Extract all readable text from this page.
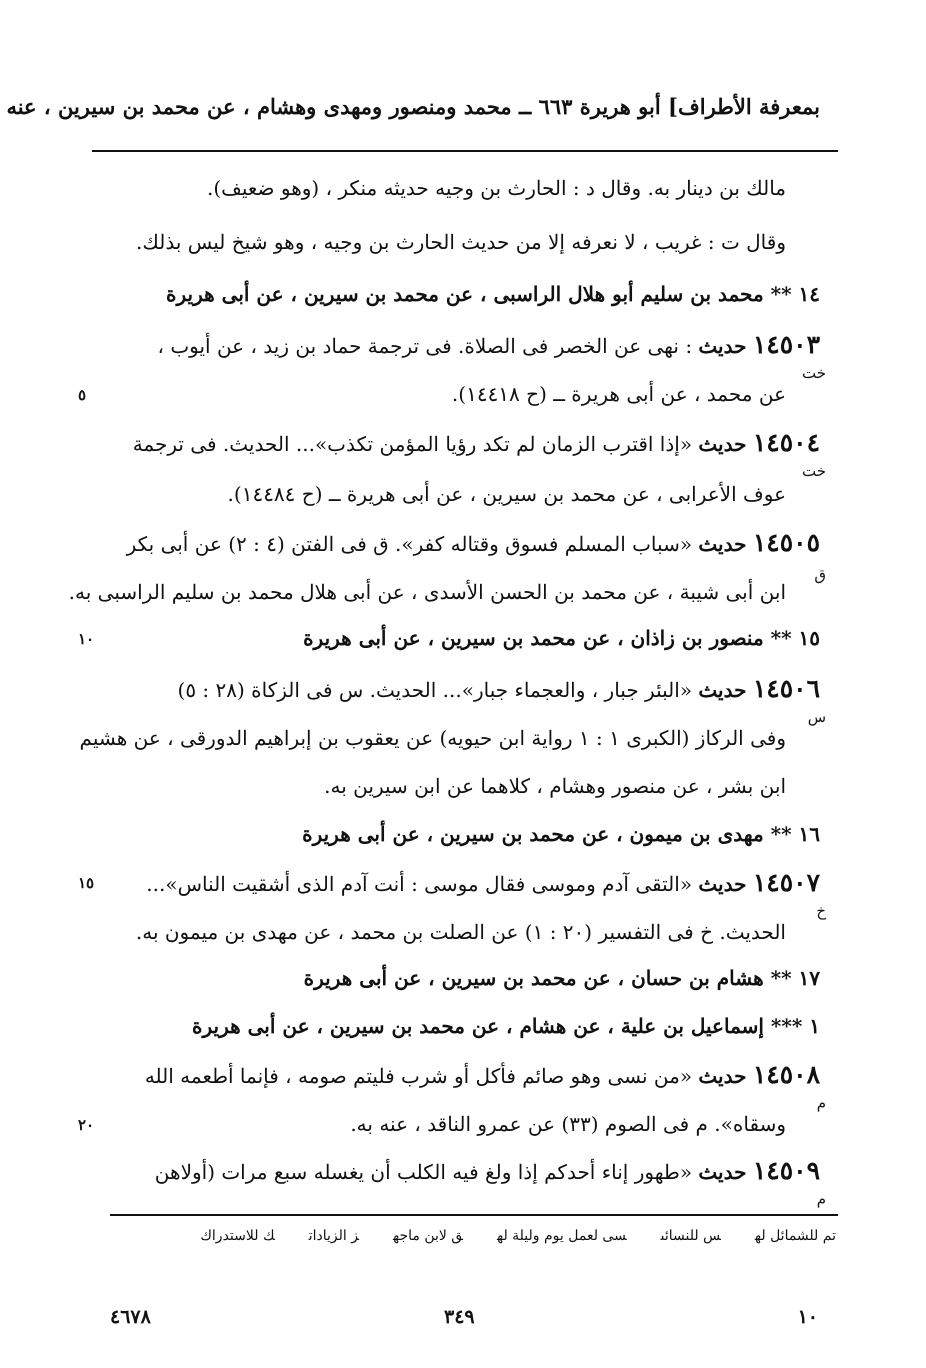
بمعرفة الأطراف] أبو هريرة ٦٦٣ ــ محمد ومنصور ومهدى وهشام ، عن محمد بن سيرين ، عنه
مالك بن دينار به. وقال د : الحارث بن وجيه حديثه منكر ، (وهو ضعيف).
وقال ت : غريب ، لا نعرفه إلا من حديث الحارث بن وجيه ، وهو شيخ ليس بذلك.
١٤ ** محمد بن سليم أبو هلال الراسبى ، عن محمد بن سيرين ، عن أبى هريرة
١٤٥٠٣ حديث : نهى عن الخصر فى الصلاة. فى ترجمة حماد بن زيد ، عن أيوب ،
خت
عن محمد ، عن أبى هريرة ــ (ح ١٤٤١٨).
١٤٥٠٤ حديث «إذا اقترب الزمان لم تكد رؤيا المؤمن تكذب»... الحديث. فى ترجمة
خت
عوف الأعرابى ، عن محمد بن سيرين ، عن أبى هريرة ــ (ح ١٤٤٨٤).
١٤٥٠٥ حديث «سباب المسلم فسوق وقتاله كفر». ق فى الفتن (٤ : ٢) عن أبى بكر
ق
ابن أبى شيبة ، عن محمد بن الحسن الأسدى ، عن أبى هلال محمد بن سليم الراسبى به.
١٥ ** منصور بن زاذان ، عن محمد بن سيرين ، عن أبى هريرة
١٤٥٠٦ حديث «البئر جبار ، والعجماء جبار»... الحديث. س فى الزكاة (٢٨ : ٥)
س
وفى الركاز (الكبرى ١ : ١ رواية ابن حيويه) عن يعقوب بن إبراهيم الدورقى ، عن هشيم
ابن بشر ، عن منصور وهشام ، كلاهما عن ابن سيرين به.
١٦ ** مهدى بن ميمون ، عن محمد بن سيرين ، عن أبى هريرة
١٤٥٠٧ حديث «التقى آدم وموسى فقال موسى : أنت آدم الذى أشقيت الناس»...
خ
الحديث. خ فى التفسير (٢٠ : ١) عن الصلت بن محمد ، عن مهدى بن ميمون به.
١٧ ** هشام بن حسان ، عن محمد بن سيرين ، عن أبى هريرة
١ *** إسماعيل بن علية ، عن هشام ، عن محمد بن سيرين ، عن أبى هريرة
١٤٥٠٨ حديث «من نسى وهو صائم فأكل أو شرب فليتم صومه ، فإنما أطعمه الله
م
وسقاه». م فى الصوم (٣٣) عن عمرو الناقد ، عنه به.
١٤٥٠٩ حديث «طهور إناء أحدكم إذا ولغ فيه الكلب أن يغسله سبع مرات (أولاهن
م
٥
١٠
١٥
٢٠
تم للشمائل لهس للنسائىسى لعمل يوم وليلة لهق لابن ماجهز الزياداتك للاستدراك
١٠
٣٤٩
٤٦٧٨
